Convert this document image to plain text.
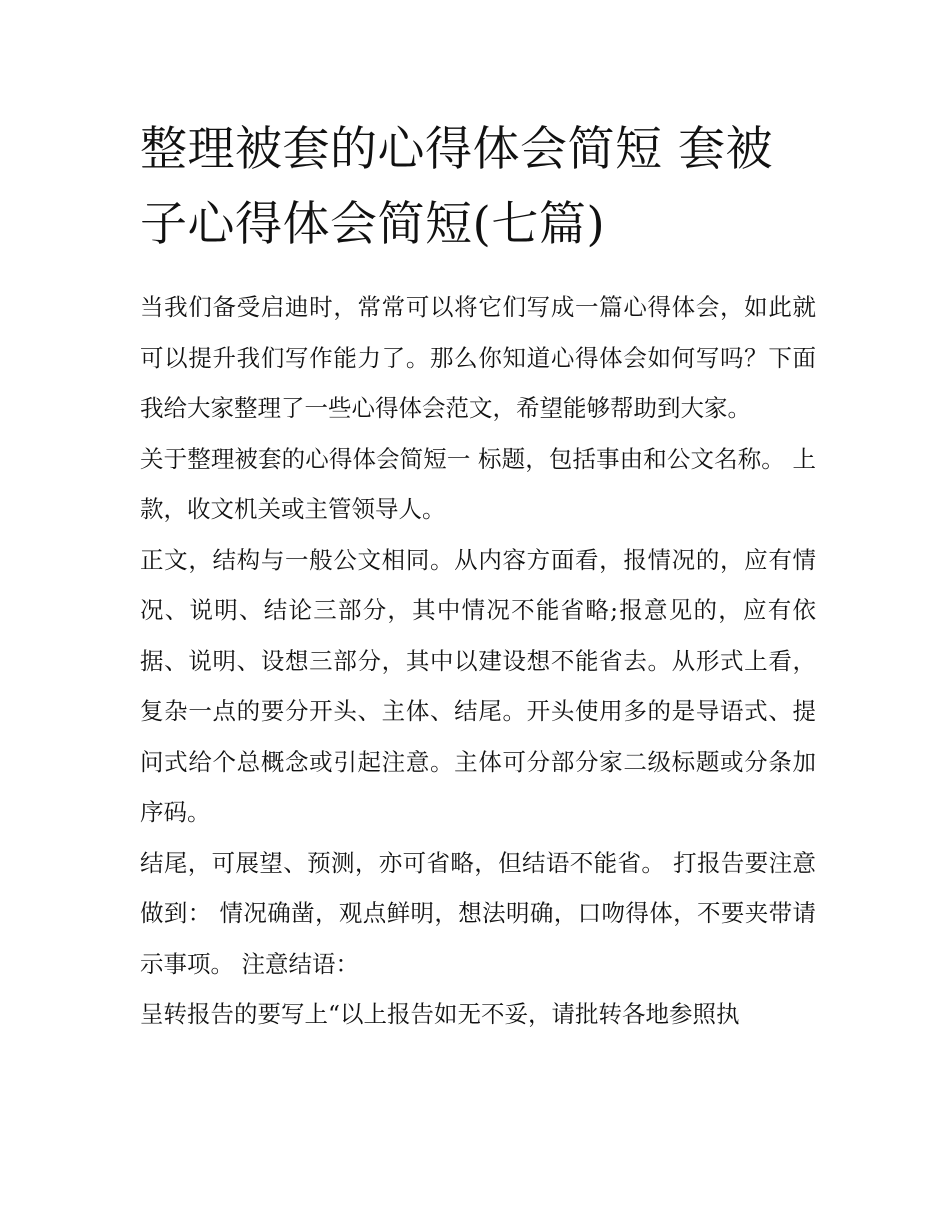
整理被套的心得体会简短 套被子心得体会简短(七篇)

当我们备受启迪时，常常可以将它们写成一篇心得体会，如此就可以提升我们写作能力了。那么你知道心得体会如何写吗？下面我给大家整理了一些心得体会范文，希望能够帮助到大家。

关于整理被套的心得体会简短一 标题，包括事由和公文名称。 上款，收文机关或主管领导人。

正文，结构与一般公文相同。从内容方面看，报情况的，应有情况、说明、结论三部分，其中情况不能省略;报意见的，应有依据、说明、设想三部分，其中以建设想不能省去。从形式上看，复杂一点的要分开头、主体、结尾。开头使用多的是导语式、提问式给个总概念或引起注意。主体可分部分家二级标题或分条加序码。

结尾，可展望、预测，亦可省略，但结语不能省。 打报告要注意做到： 情况确凿，观点鲜明，想法明确，口吻得体，不要夹带请示事项。 注意结语：

呈转报告的要写上“以上报告如无不妥，请批转各地参照执
